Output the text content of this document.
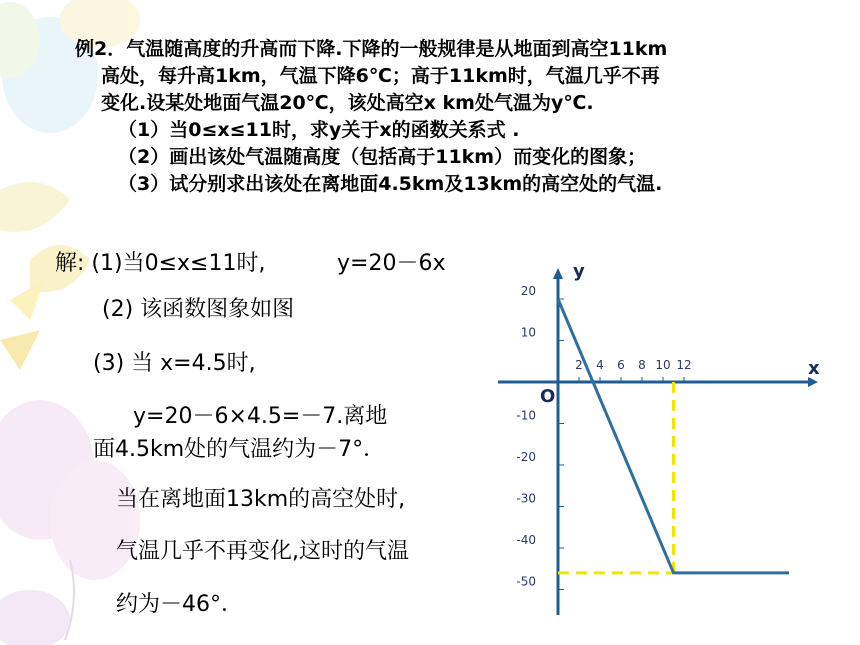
例2．气温随高度的升高而下降.下降的一般规律是从地面到高空11km
高处，每升高1km，气温下降6℃；高于11km时，气温几乎不再
变化.设某处地面气温20℃，该处高空x km处气温为y℃.
（1）当0≤x≤11时，求y关于x的函数关系式 .
（2）画出该处气温随高度（包括高于11km）而变化的图象；
（3）试分别求出该处在离地面4.5km及13km的高空处的气温.
解: (1)当0≤x≤11时,	y=20－6x
(2) 该函数图象如图
(3) 当 x=4.5时,
y=20－6×4.5=－7.离地
面4.5km处的气温约为－7°．
当在离地面13km的高空处时,
气温几乎不再变化,这时的气温
约为－46°．
x
y
O
2 4 6 8 10 12
20
10
-10
-20
-30
-40
-50
